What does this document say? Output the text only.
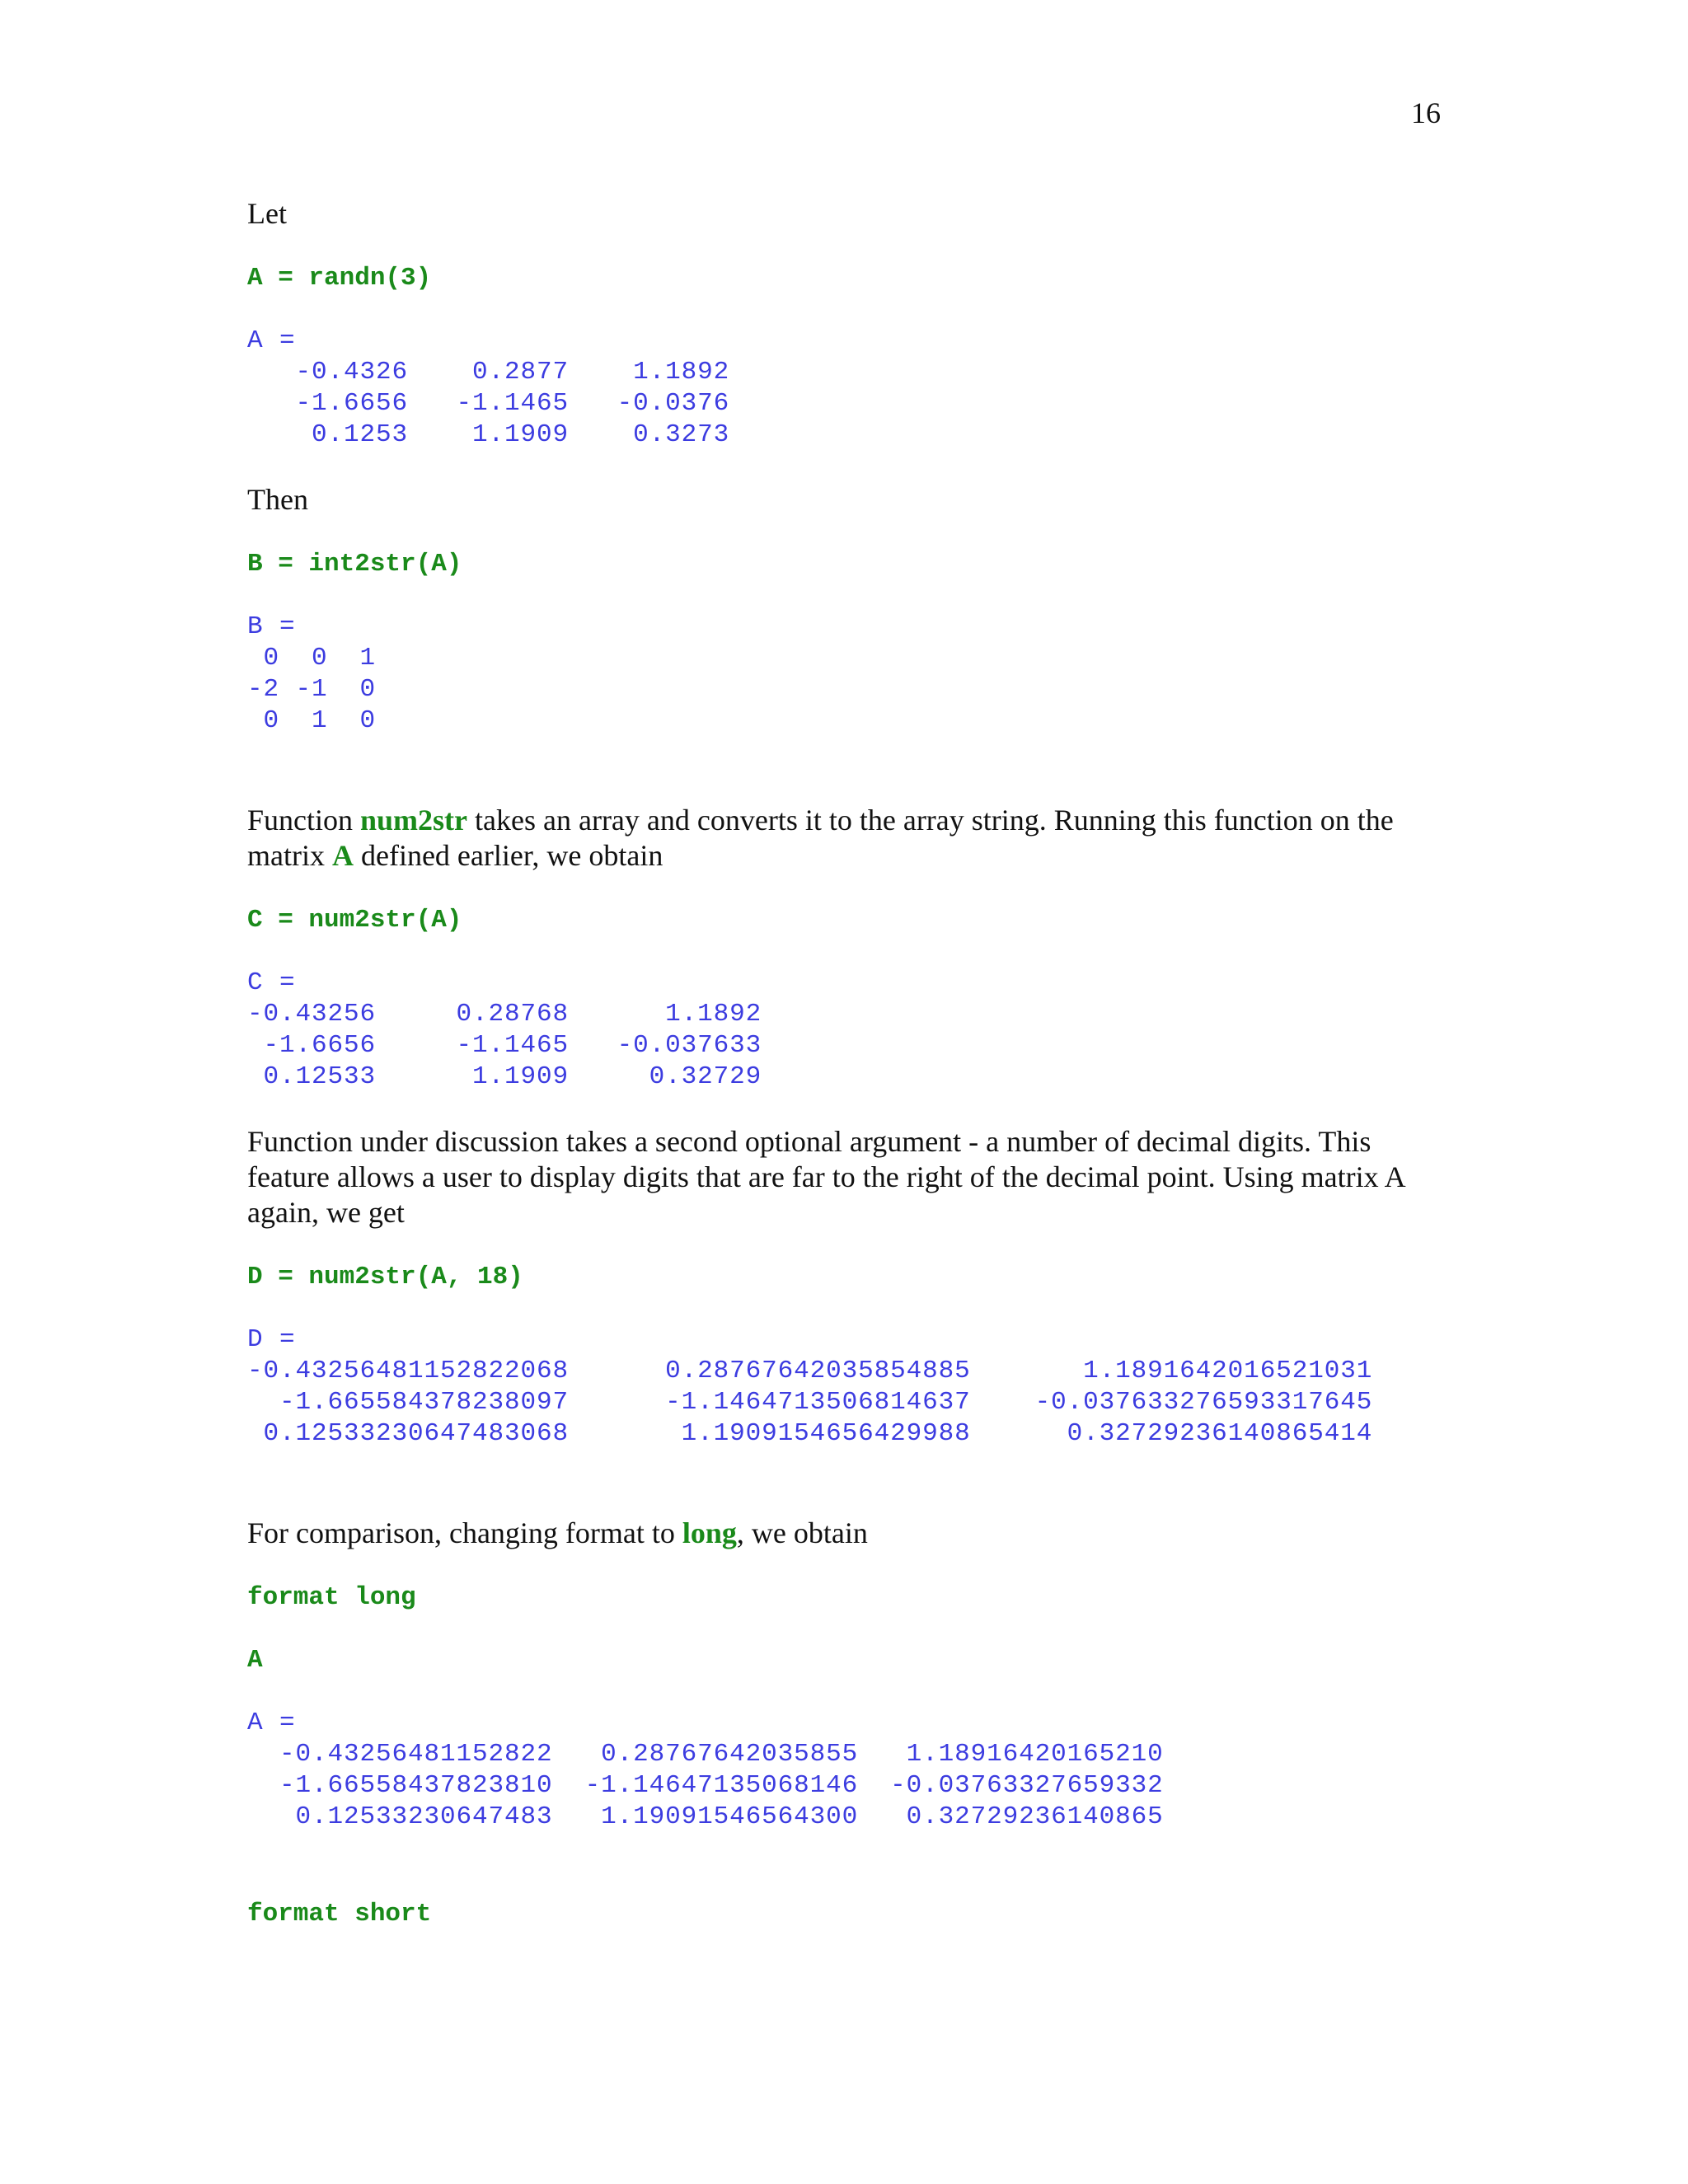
16

Let

A = randn(3)
A =
-0.4326    0.2877    1.1892
-1.6656   -1.1465   -0.0376
0.1253    1.1909    0.3273

Then

B = int2str(A)
B =
0  0  1
-2 -1  0
0  1  0

Function num2str takes an array and converts it to the array string. Running this function on the matrix A defined earlier, we obtain

C = num2str(A)
C =
-0.43256     0.28768      1.1892
-1.6656     -1.1465   -0.037633
0.12533      1.1909     0.32729

Function under discussion takes a second optional argument - a number of decimal digits. This feature allows a user to display digits that are far to the right of the decimal point. Using matrix A again, we get

D = num2str(A, 18)
D =
-0.43256481152822068      0.28767642035854885       1.1891642016521031
-1.665584378238097      -1.1464713506814637    -0.037633276593317645
0.12533230647483068       1.1909154656429988      0.32729236140865414

For comparison, changing format to long, we obtain

format long
A
A =
-0.43256481152822   0.28767642035855   1.18916420165210
-1.66558437823810  -1.14647135068146  -0.03763327659332
0.12533230647483   1.19091546564300   0.32729236140865
format short
